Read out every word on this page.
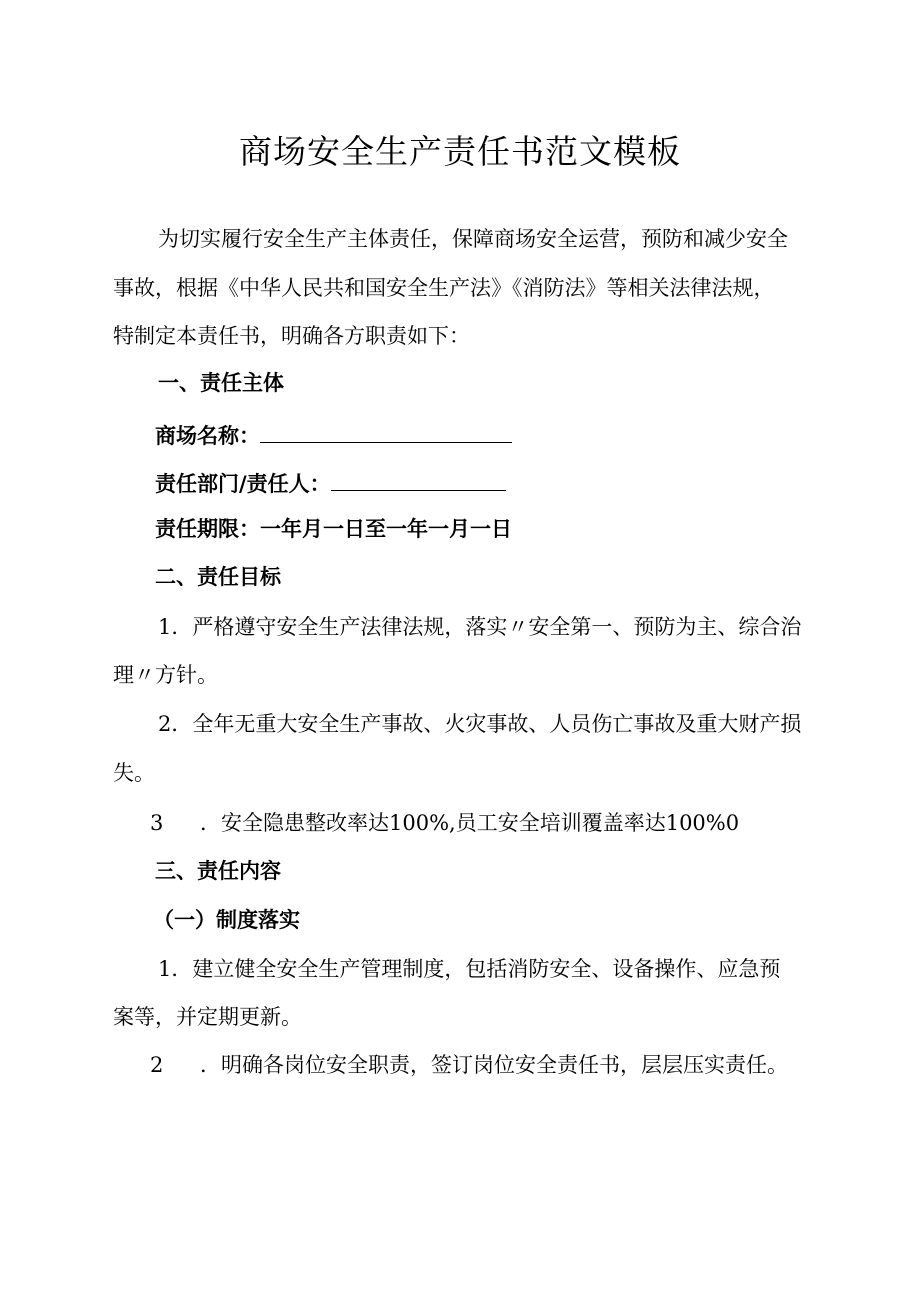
商场安全生产责任书范文模板
为切实履行安全生产主体责任，保障商场安全运营，预防和减少安全
事故，根据《中华人民共和国安全生产法》《消防法》等相关法律法规，
特制定本责任书，明确各方职责如下：
一、责任主体
商场名称：
责任部门/责任人：
责任期限：一年月一日至一年一月一日
二、责任目标
1．严格遵守安全生产法律法规，落实〃安全第一、预防为主、综合治
理〃方针。
2．全年无重大安全生产事故、火灾事故、人员伤亡事故及重大财产损
失。
3 ．安全隐患整改率达100%,员工安全培训覆盖率达100%0
三、责任内容
（一）制度落实
1．建立健全安全生产管理制度，包括消防安全、设备操作、应急预
案等，并定期更新。
2 ．明确各岗位安全职责，签订岗位安全责任书，层层压实责任。
